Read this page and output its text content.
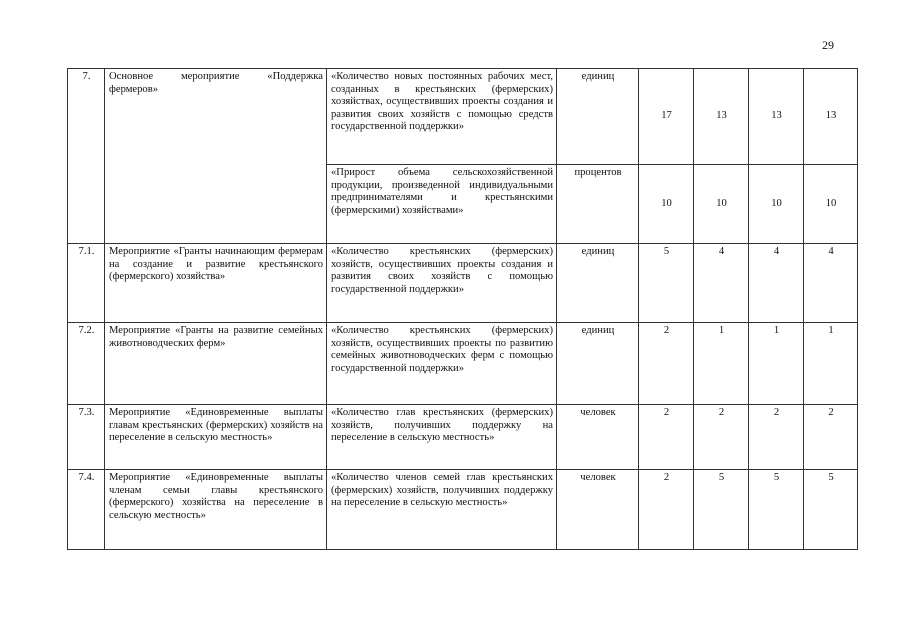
29
7.	Основное мероприятие «Поддержка фермеров»	«Количество новых постоянных рабочих мест, созданных в крестьянских (фермерских) хозяйствах, осуществивших проекты создания и развития своих хозяйств с помощью средств государственной поддержки»	единиц	17	13	13	13
		«Прирост объема сельскохозяйственной продукции, произведенной индивидуальными предпринимателями и крестьянскими (фермерскими) хозяйствами»	процентов	10	10	10	10
7.1.	Мероприятие «Гранты начинающим фермерам на создание и развитие крестьянского (фермерского) хозяйства»	«Количество крестьянских (фермерских) хозяйств, осуществивших проекты создания и развития своих хозяйств с помощью государственной поддержки»	единиц	5	4	4	4
7.2.	Мероприятие «Гранты на развитие семейных животноводческих ферм»	«Количество крестьянских (фермерских) хозяйств, осуществивших проекты по развитию семейных животноводческих ферм с помощью государственной поддержки»	единиц	2	1	1	1
7.3.	Мероприятие «Единовременные выплаты главам крестьянских (фермерских) хозяйств на переселение в сельскую местность»	«Количество глав крестьянских (фермерских) хозяйств, получивших поддержку на переселение в сельскую местность»	человек	2	2	2	2
7.4.	Мероприятие «Единовременные выплаты членам семьи главы крестьянского (фермерского) хозяйства на переселение в сельскую местность»	«Количество членов семей глав крестьянских (фермерских) хозяйств, получивших поддержку на переселение в сельскую местность»	человек	2	5	5	5
